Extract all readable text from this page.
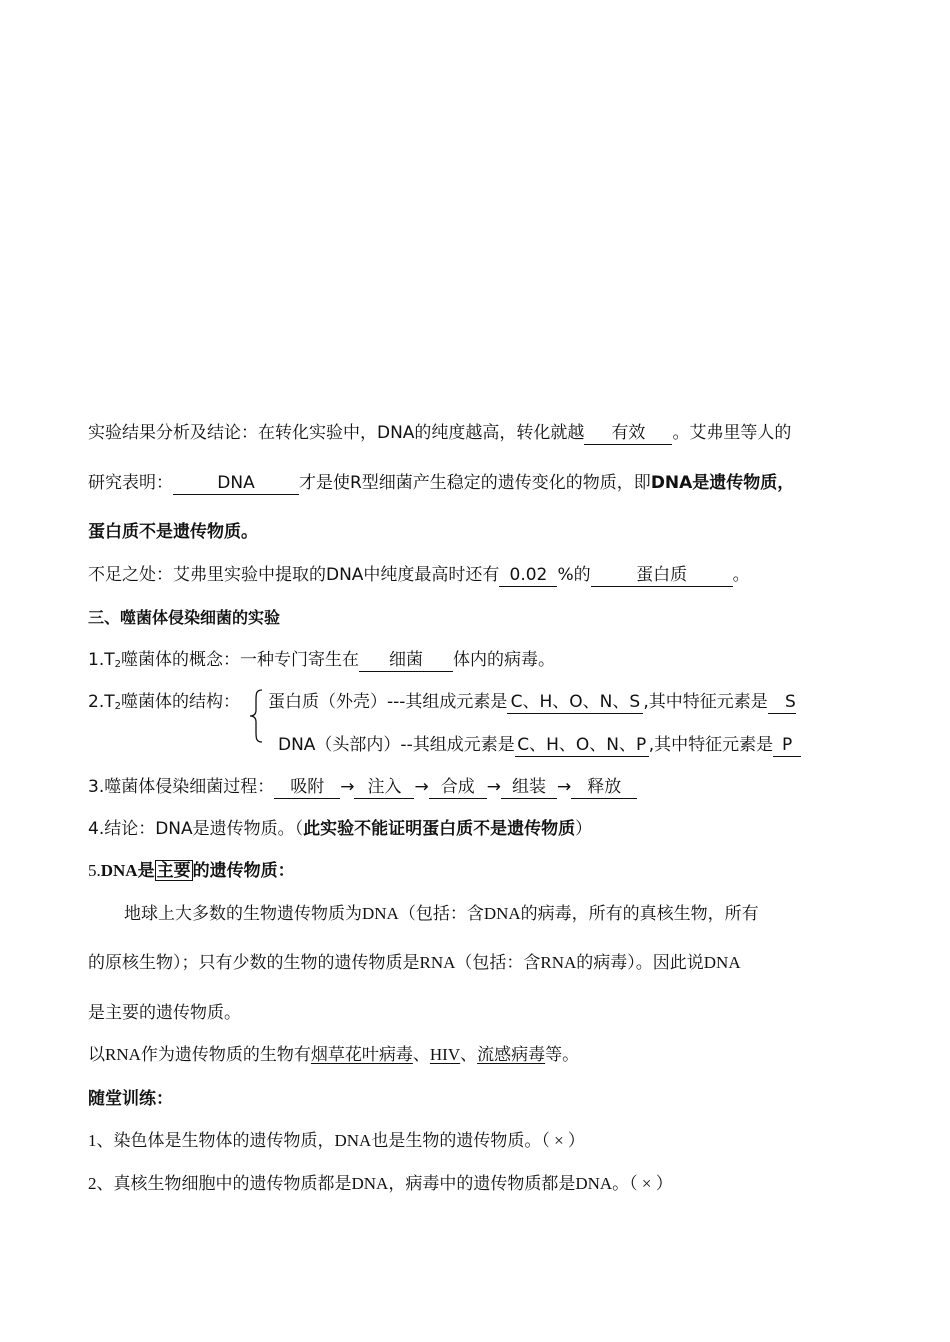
实验结果分析及结论：在转化实验中，DNA的纯度越高，转化就越 有效 。艾弗里等人的
研究表明：	DNA	才是使R型细菌产生稳定的遗传变化的物质，即DNA是遗传物质，
蛋白质不是遗传物质。
不足之处：艾弗里实验中提取的DNA中纯度最高时还有 0.02 %的	蛋白质	。
三、噬菌体侵染细菌的实验
$1.T_2$噬菌体的概念：一种专门寄生在 细菌 体内的病毒。
$2.T_2$噬菌体的结构： 蛋白质（外壳）---其组成元素是 C、H、O、N、S ,其中特征元素是 S
DNA（头部内）--其组成元素是 C、H、O、N、P ,其中特征元素是 P
3.噬菌体侵染细菌过程： 吸附 → 注入 → 合成 → 组装 → 释放
4.结论：DNA是遗传物质。（此实验不能证明蛋白质不是遗传物质）
5.DNA是 主要 的遗传物质：
地球上大多数的生物遗传物质为DNA（包括：含DNA的病毒，所有的真核生物，所有
的原核生物）；只有少数的生物的遗传物质是RNA（包括：含RNA的病毒）。因此说DNA
是主要的遗传物质。
以RNA作为遗传物质的生物有烟草花叶病毒、HIV、流感病毒等。
随堂训练：
1、染色体是生物体的遗传物质，DNA也是生物的遗传物质。（ × ）
2、真核生物细胞中的遗传物质都是DNA，病毒中的遗传物质都是DNA。（ × ）
